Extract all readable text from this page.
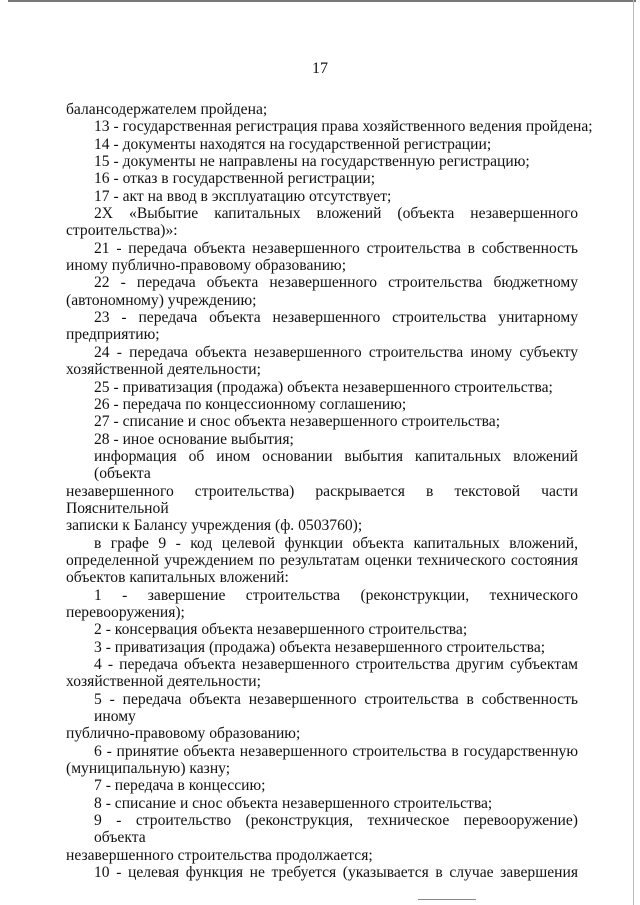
17
балансодержателем пройдена;
13 - государственная регистрация права хозяйственного ведения пройдена;
14 - документы находятся на государственной регистрации;
15 - документы не направлены на государственную регистрацию;
16 - отказ в государственной регистрации;
17 - акт на ввод в эксплуатацию отсутствует;
2Х «Выбытие капитальных вложений (объекта незавершенного
строительства)»:
21 - передача объекта незавершенного строительства в собственность
иному публично-правовому образованию;
22 - передача объекта незавершенного строительства бюджетному
(автономному) учреждению;
23 - передача объекта незавершенного строительства унитарному
предприятию;
24 - передача объекта незавершенного строительства иному субъекту
хозяйственной деятельности;
25 - приватизация (продажа) объекта незавершенного строительства;
26 - передача по концессионному соглашению;
27 - списание и снос объекта незавершенного строительства;
28 - иное основание выбытия;
информация об ином основании выбытия капитальных вложений (объекта
незавершенного строительства) раскрывается в текстовой части Пояснительной
записки к Балансу учреждения (ф. 0503760);
в графе 9 - код целевой функции объекта капитальных вложений,
определенной учреждением по результатам оценки технического состояния
объектов капитальных вложений:
1 - завершение строительства (реконструкции, технического
перевооружения);
2 - консервация объекта незавершенного строительства;
3 - приватизация (продажа) объекта незавершенного строительства;
4 - передача объекта незавершенного строительства другим субъектам
хозяйственной деятельности;
5 - передача объекта незавершенного строительства в собственность иному
публично-правовому образованию;
6 - принятие объекта незавершенного строительства в государственную
(муниципальную) казну;
7 - передача в концессию;
8 - списание и снос объекта незавершенного строительства;
9 - строительство (реконструкция, техническое перевооружение) объекта
незавершенного строительства продолжается;
10 - целевая функция не требуется (указывается в случае завершения
